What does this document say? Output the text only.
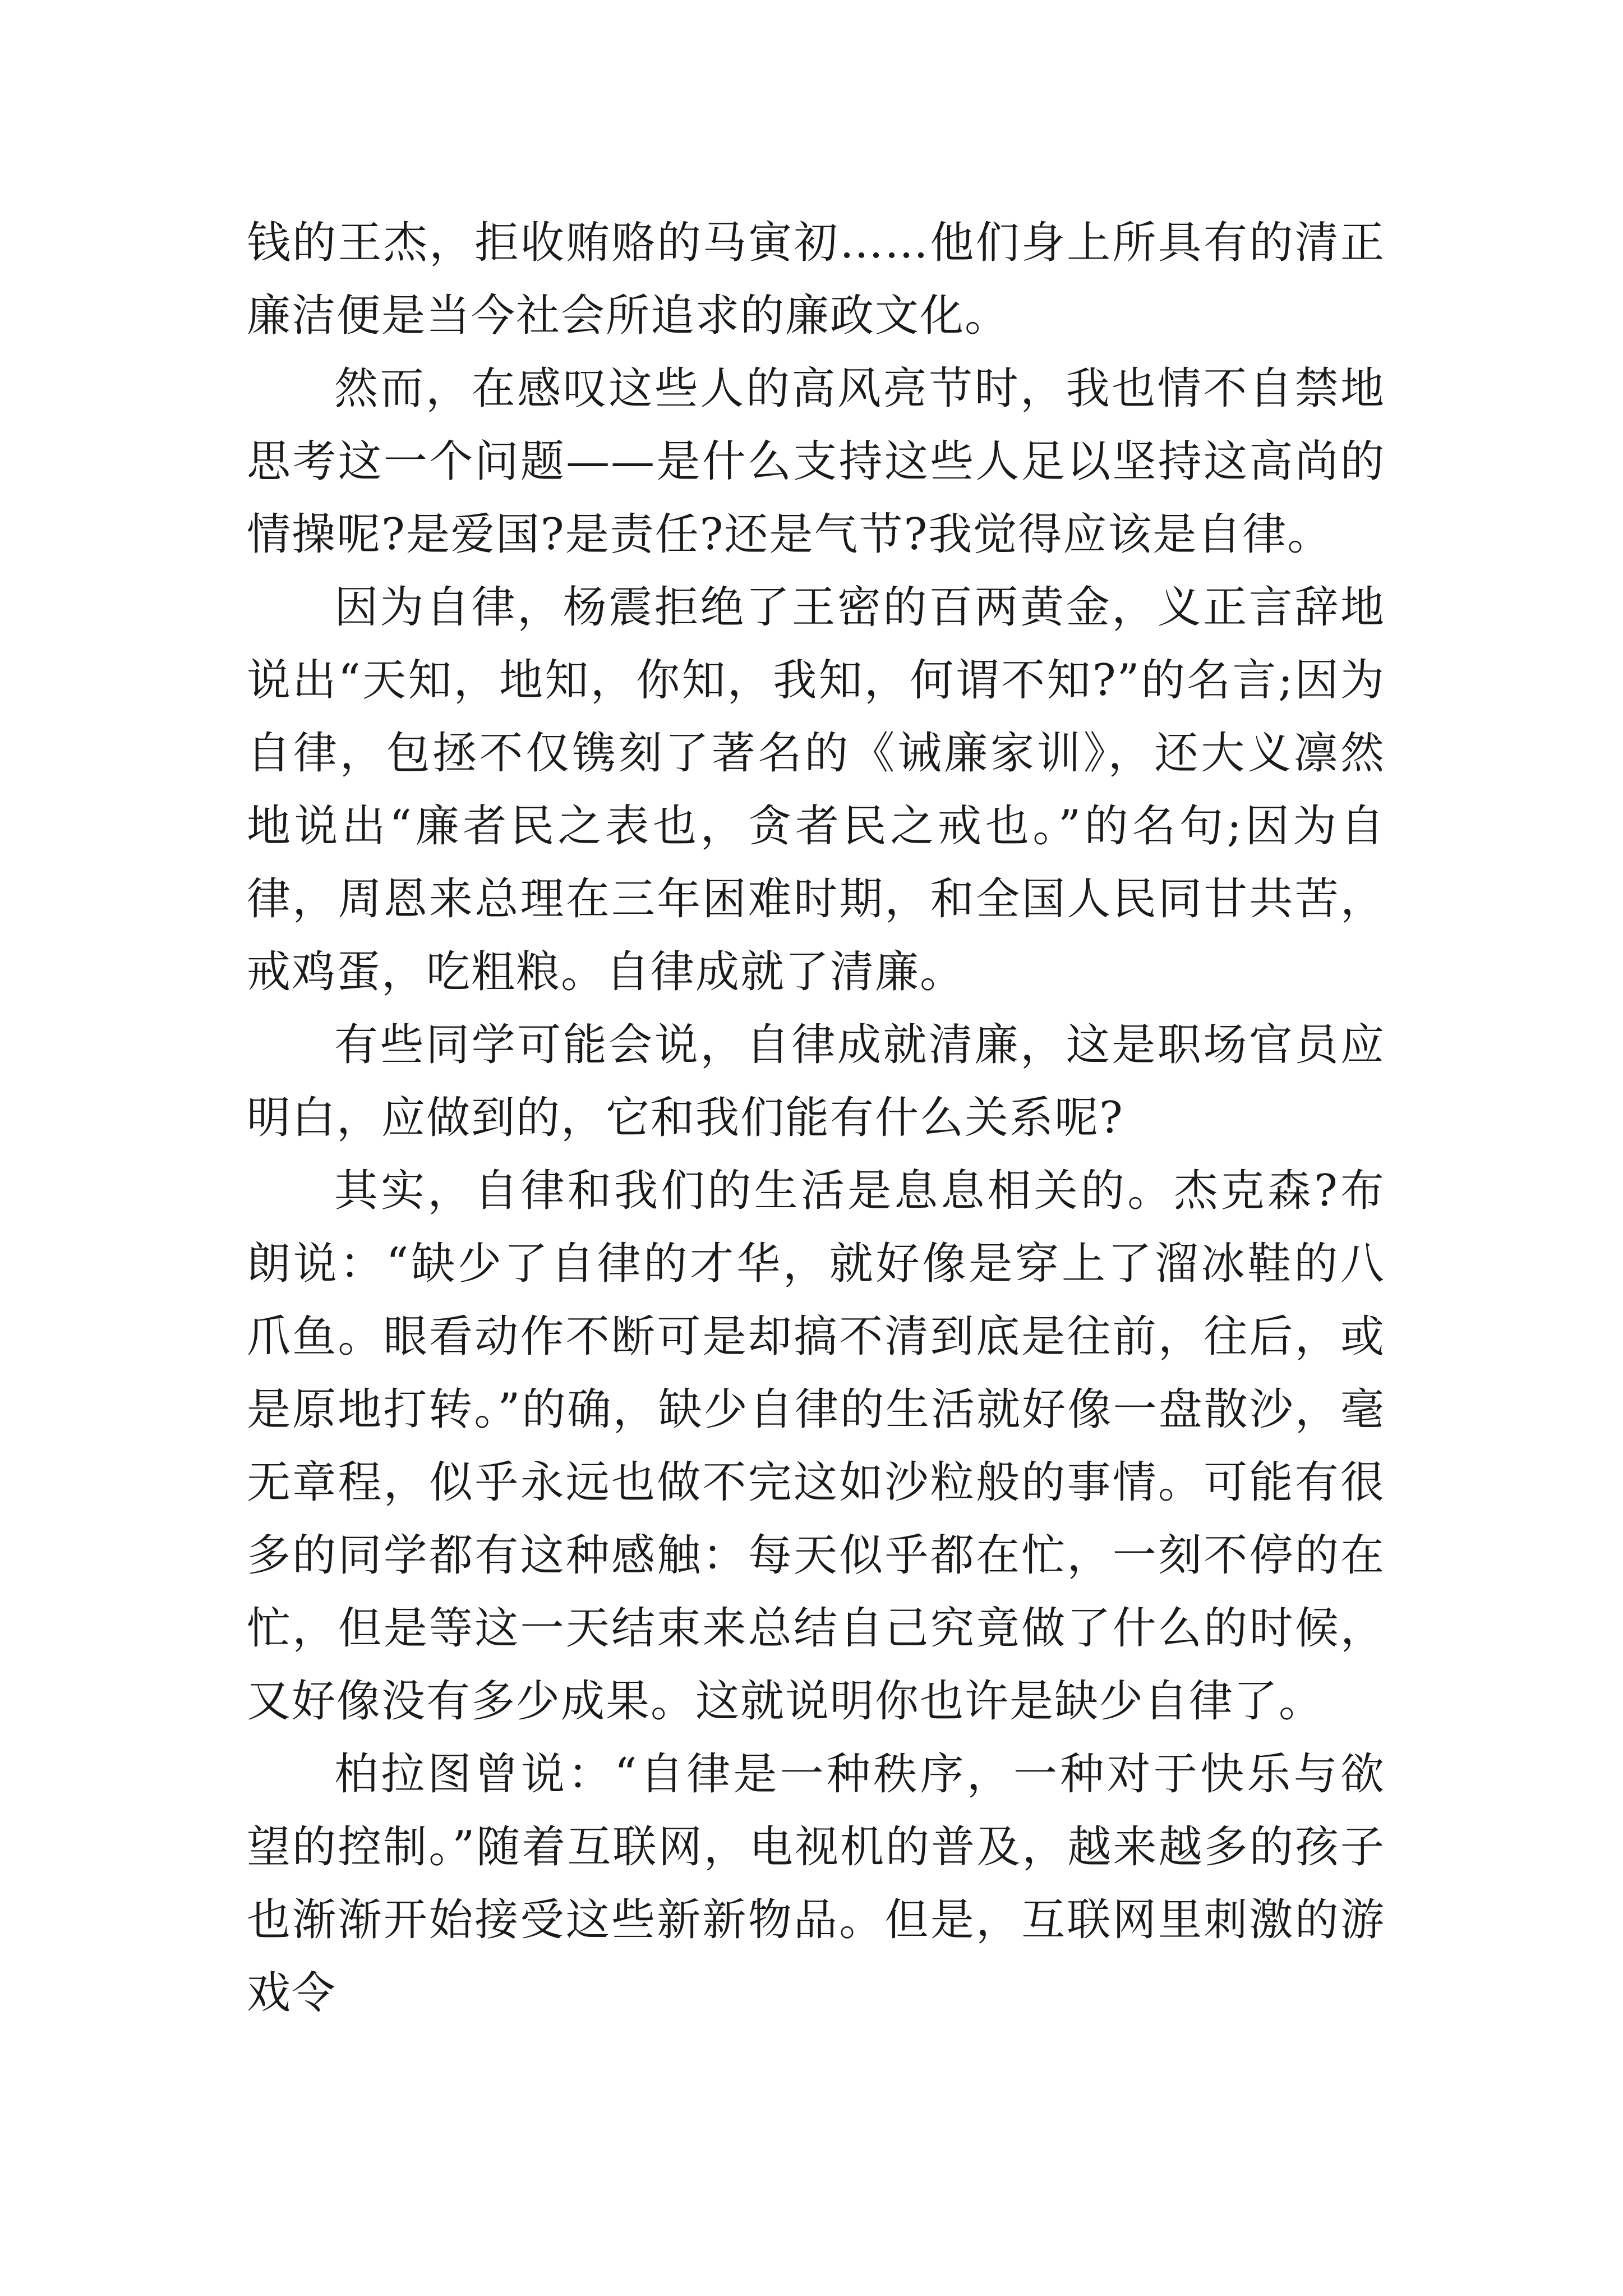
钱的王杰，拒收贿赂的马寅初……他们身上所具有的清正廉洁便是当今社会所追求的廉政文化。

然而，在感叹这些人的高风亮节时，我也情不自禁地思考这一个问题——是什么支持这些人足以坚持这高尚的情操呢?是爱国?是责任?还是气节?我觉得应该是自律。

因为自律，杨震拒绝了王密的百两黄金，义正言辞地说出“天知，地知，你知，我知，何谓不知?”的名言;因为自律，包拯不仅镌刻了著名的《诫廉家训》，还大义凛然地说出“廉者民之表也，贪者民之戒也。”的名句;因为自律，周恩来总理在三年困难时期，和全国人民同甘共苦，戒鸡蛋，吃粗粮。自律成就了清廉。

有些同学可能会说，自律成就清廉，这是职场官员应明白，应做到的，它和我们能有什么关系呢?

其实，自律和我们的生活是息息相关的。杰克森?布朗说：“缺少了自律的才华，就好像是穿上了溜冰鞋的八爪鱼。眼看动作不断可是却搞不清到底是往前，往后，或是原地打转。”的确，缺少自律的生活就好像一盘散沙，毫无章程，似乎永远也做不完这如沙粒般的事情。可能有很多的同学都有这种感触：每天似乎都在忙，一刻不停的在忙，但是等这一天结束来总结自己究竟做了什么的时候，又好像没有多少成果。这就说明你也许是缺少自律了。

柏拉图曾说：“自律是一种秩序，一种对于快乐与欲望的控制。”随着互联网，电视机的普及，越来越多的孩子也渐渐开始接受这些新新物品。但是，互联网里刺激的游戏令
